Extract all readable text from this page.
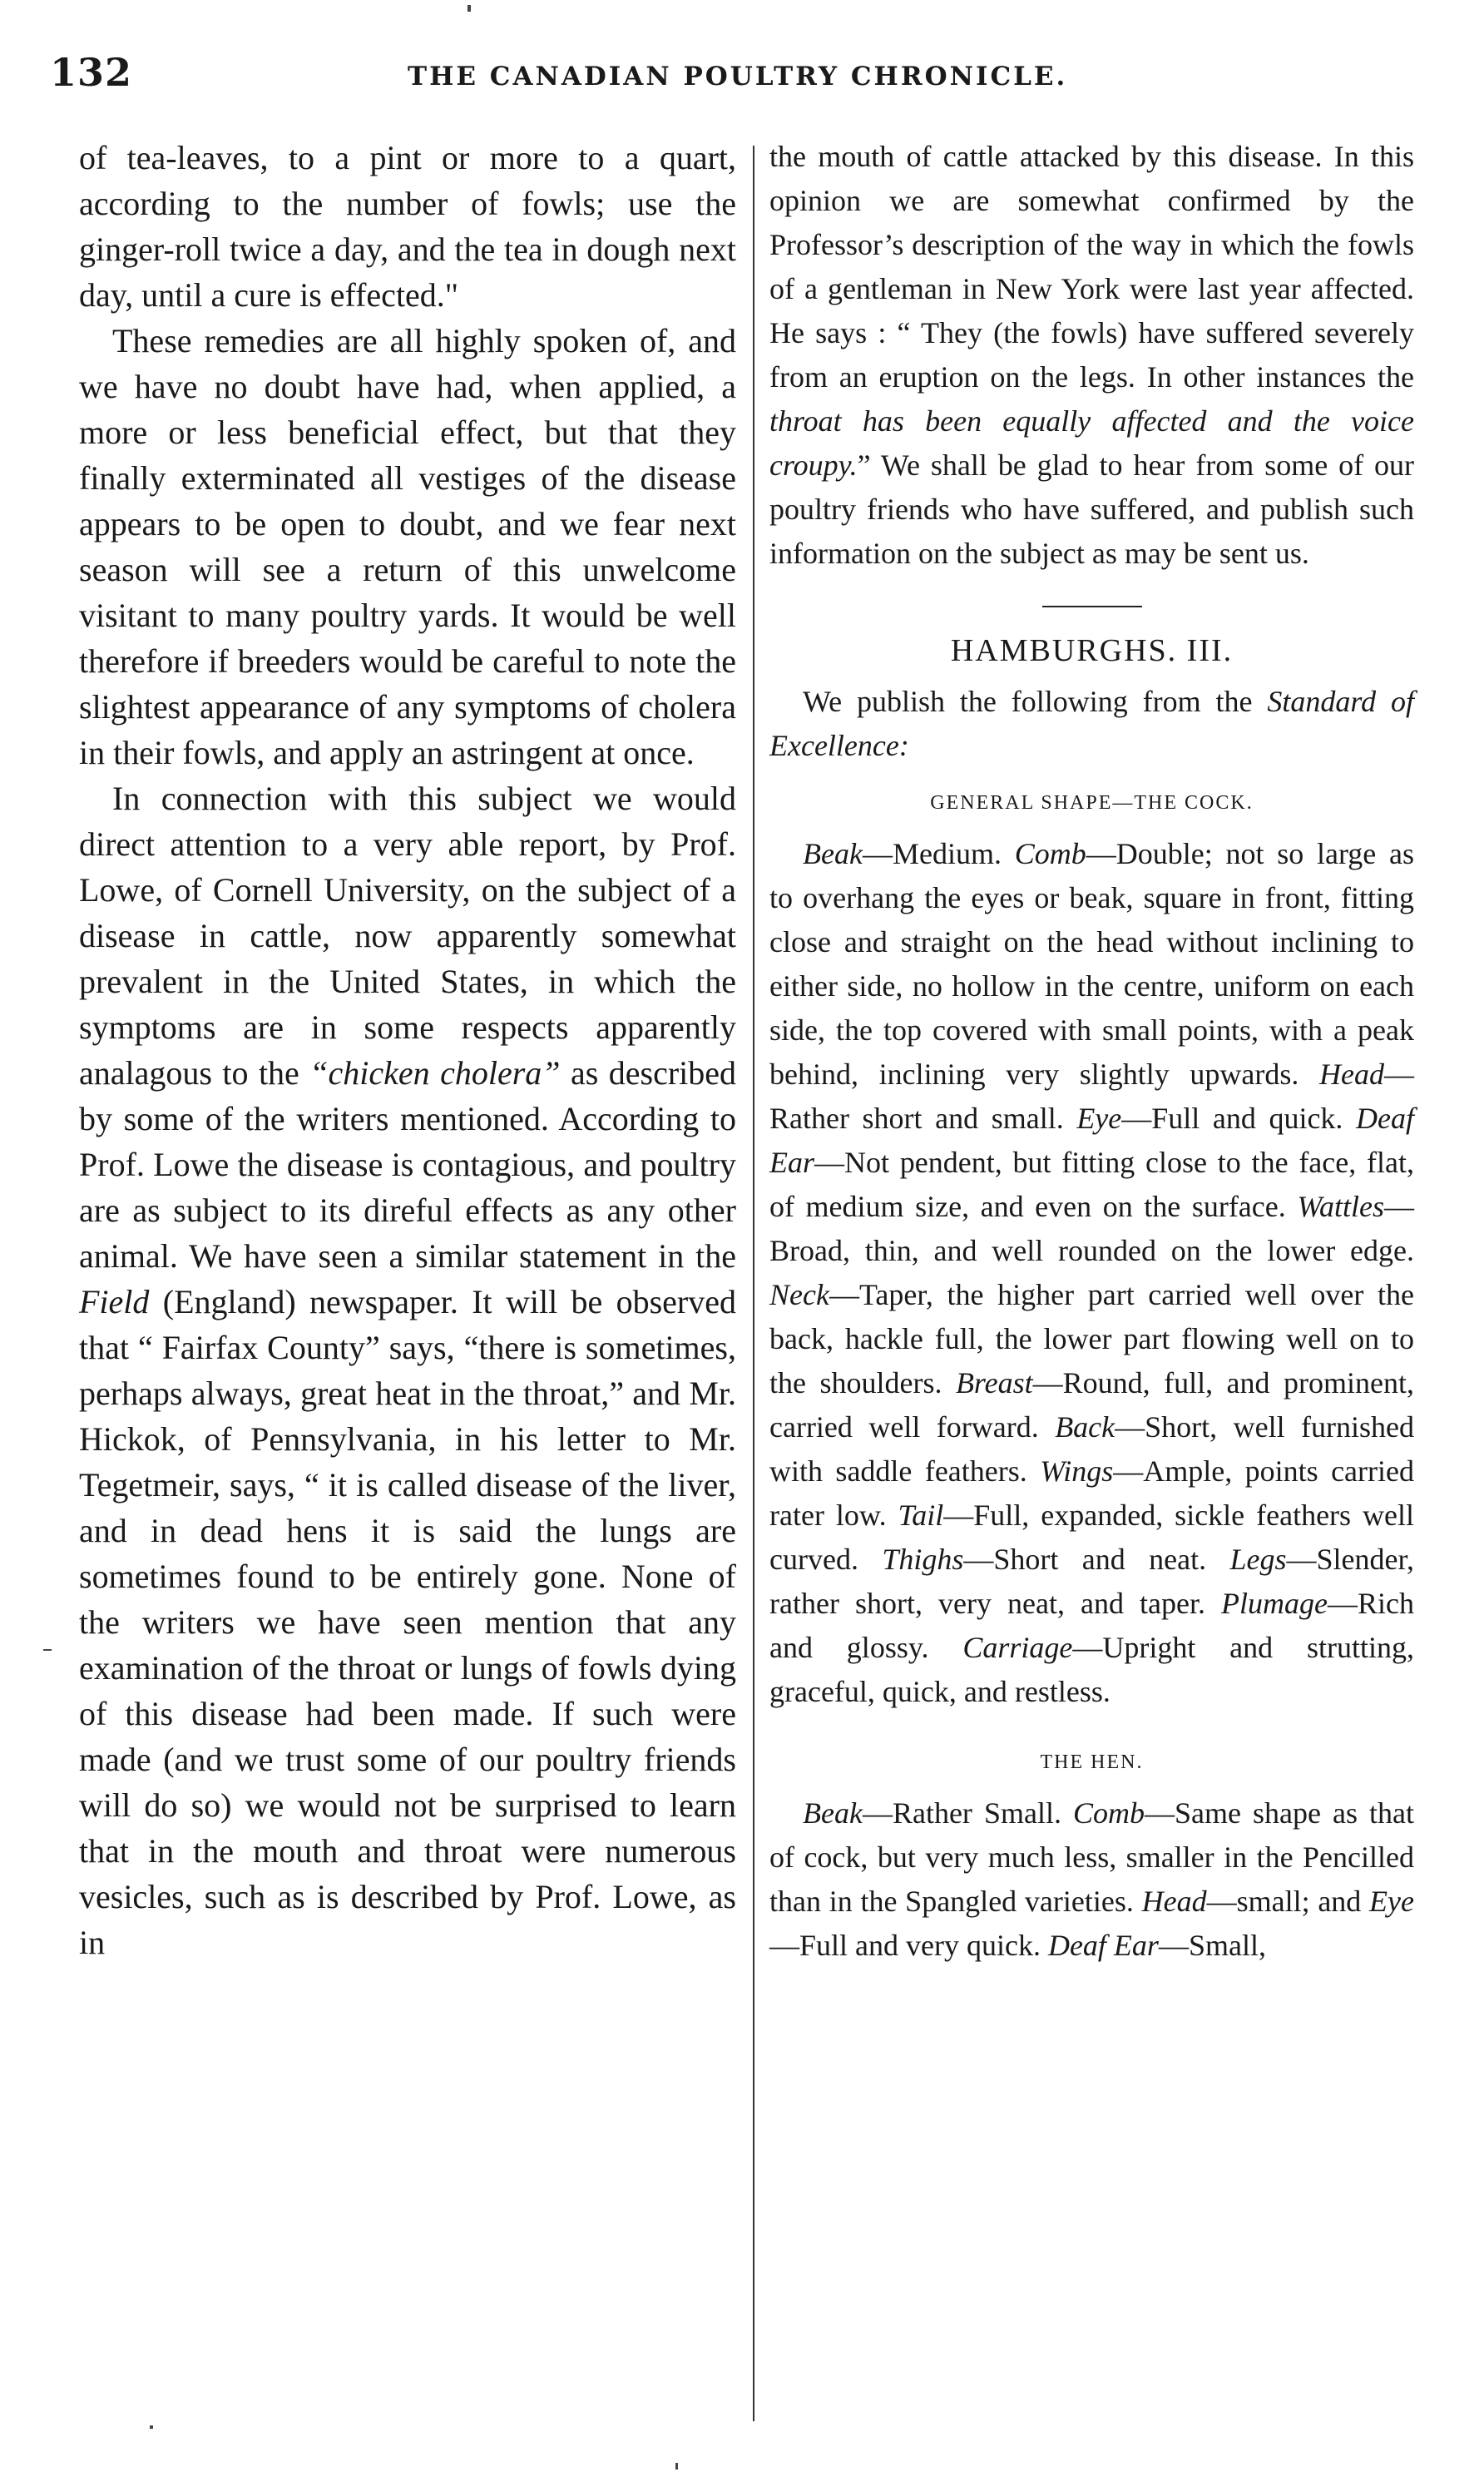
132	THE CANADIAN POULTRY CHRONICLE.

of tea-leaves, to a pint or more to a quart, according to the number of fowls; use the ginger-roll twice a day, and the tea in dough next day, until a cure is effected."

These remedies are all highly spoken of, and we have no doubt have had, when applied, a more or less beneficial effect, but that they finally exterminated all vestiges of the disease appears to be open to doubt, and we fear next season will see a return of this unwelcome visitant to many poultry yards. It would be well therefore if breeders would be careful to note the slightest appearance of any symptoms of cholera in their fowls, and apply an astringent at once.

In connection with this subject we would direct attention to a very able report, by Prof. Lowe, of Cornell University, on the subject of a disease in cattle, now apparently somewhat prevalent in the United States, in which the symptoms are in some respects apparently analagous to the “chicken cholera” as described by some of the writers mentioned. According to Prof. Lowe the disease is contagious, and poultry are as subject to its direful effects as any other animal. We have seen a similar statement in the Field (England) newspaper. It will be observed that “ Fairfax County” says, “there is sometimes, perhaps always, great heat in the throat,” and Mr. Hickok, of Pennsylvania, in his letter to Mr. Tegetmeir, says, “ it is called disease of the liver, and in dead hens it is said the lungs are sometimes found to be entirely gone. None of the writers we have seen mention that any examination of the throat or lungs of fowls dying of this disease had been made. If such were made (and we trust some of our poultry friends will do so) we would not be surprised to learn that in the mouth and throat were numerous vesicles, such as is described by Prof. Lowe, as in

the mouth of cattle attacked by this disease. In this opinion we are somewhat confirmed by the Professor’s description of the way in which the fowls of a gentleman in New York were last year affected. He says : “ They (the fowls) have suffered severely from an eruption on the legs. In other instances the throat has been equally affected and the voice croupy.” We shall be glad to hear from some of our poultry friends who have suffered, and publish such information on the subject as may be sent us.

HAMBURGHS. III.

We publish the following from the Standard of Excellence:

GENERAL SHAPE—THE COCK.

Beak—Medium. Comb—Double; not so large as to overhang the eyes or beak, square in front, fitting close and straight on the head without inclining to either side, no hollow in the centre, uniform on each side, the top covered with small points, with a peak behind, inclining very slightly upwards. Head—Rather short and small. Eye—Full and quick. Deaf Ear—Not pendent, but fitting close to the face, flat, of medium size, and even on the surface. Wattles—Broad, thin, and well rounded on the lower edge. Neck—Taper, the higher part carried well over the back, hackle full, the lower part flowing well on to the shoulders. Breast—Round, full, and prominent, carried well forward. Back—Short, well furnished with saddle feathers. Wings—Ample, points carried rater low. Tail—Full, expanded, sickle feathers well curved. Thighs—Short and neat. Legs—Slender, rather short, very neat, and taper. Plumage—Rich and glossy. Carriage—Upright and strutting, graceful, quick, and restless.

THE HEN.

Beak—Rather Small. Comb—Same shape as that of cock, but very much less, smaller in the Pencilled than in the Spangled varieties. Head—small; and Eye—Full and very quick. Deaf Ear—Small,
